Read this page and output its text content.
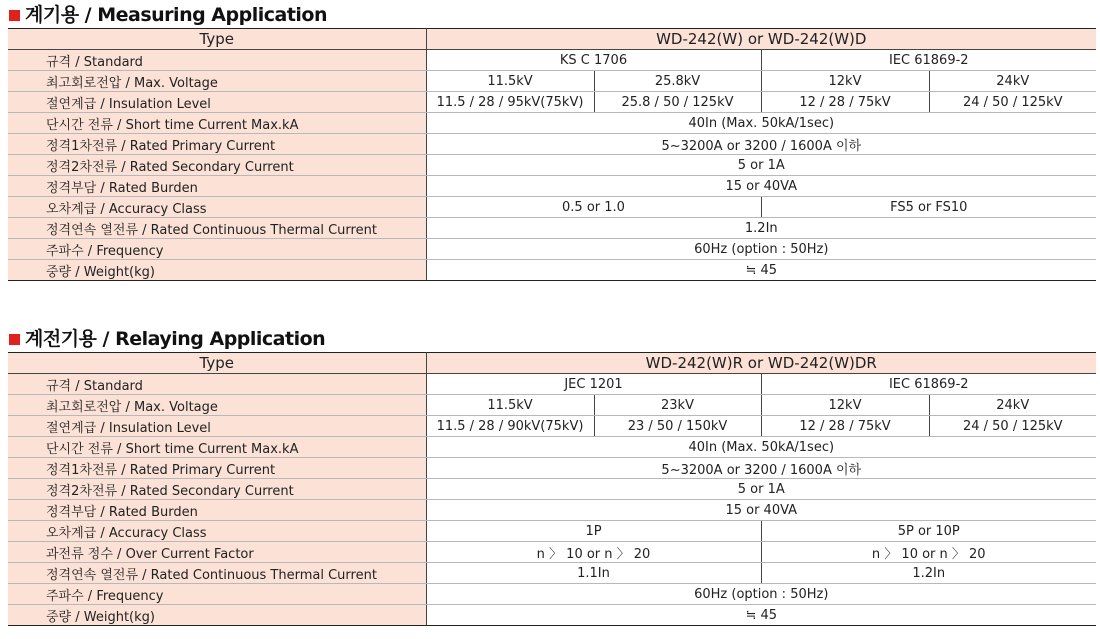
계기용 / Measuring Application
Type	WD-242(W) or WD-242(W)D			
규격 / Standard	KS C 1706		IEC 61869-2	
최고회로전압 / Max. Voltage	11.5kV	25.8kV	12kV	24kV
절연계급 / Insulation Level	11.5 / 28 / 95kV(75kV)	25.8 / 50 / 125kV	12 / 28 / 75kV	24 / 50 / 125kV
단시간 전류 / Short time Current Max.kA	40In (Max. 50kA/1sec)			
정격1차전류 / Rated Primary Current	5~3200A or 3200 / 1600A 이하			
정격2차전류 / Rated Secondary Current	5 or 1A			
정격부담 / Rated Burden	15 or 40VA			
오차계급 / Accuracy Class	0.5 or 1.0		FS5 or FS10	
정격연속 열전류 / Rated Continuous Thermal Current	1.2In			
주파수 / Frequency	60Hz (option : 50Hz)			
중량 / Weight(kg)	≒ 45			
계전기용 / Relaying Application
Type	WD-242(W)R or WD-242(W)DR			
규격 / Standard	JEC 1201		IEC 61869-2	
최고회로전압 / Max. Voltage	11.5kV	23kV	12kV	24kV
절연계급 / Insulation Level	11.5 / 28 / 90kV(75kV)	23 / 50 / 150kV	12 / 28 / 75kV	24 / 50 / 125kV
단시간 전류 / Short time Current Max.kA	40In (Max. 50kA/1sec)			
정격1차전류 / Rated Primary Current	5~3200A or 3200 / 1600A 이하			
정격2차전류 / Rated Secondary Current	5 or 1A			
정격부담 / Rated Burden	15 or 40VA			
오차계급 / Accuracy Class	1P		5P or 10P	
과전류 정수 / Over Current Factor	n 〉 10 or n 〉 20		n 〉 10 or n 〉 20	
정격연속 열전류 / Rated Continuous Thermal Current	1.1In		1.2In	
주파수 / Frequency	60Hz (option : 50Hz)			
중량 / Weight(kg)	≒ 45			
